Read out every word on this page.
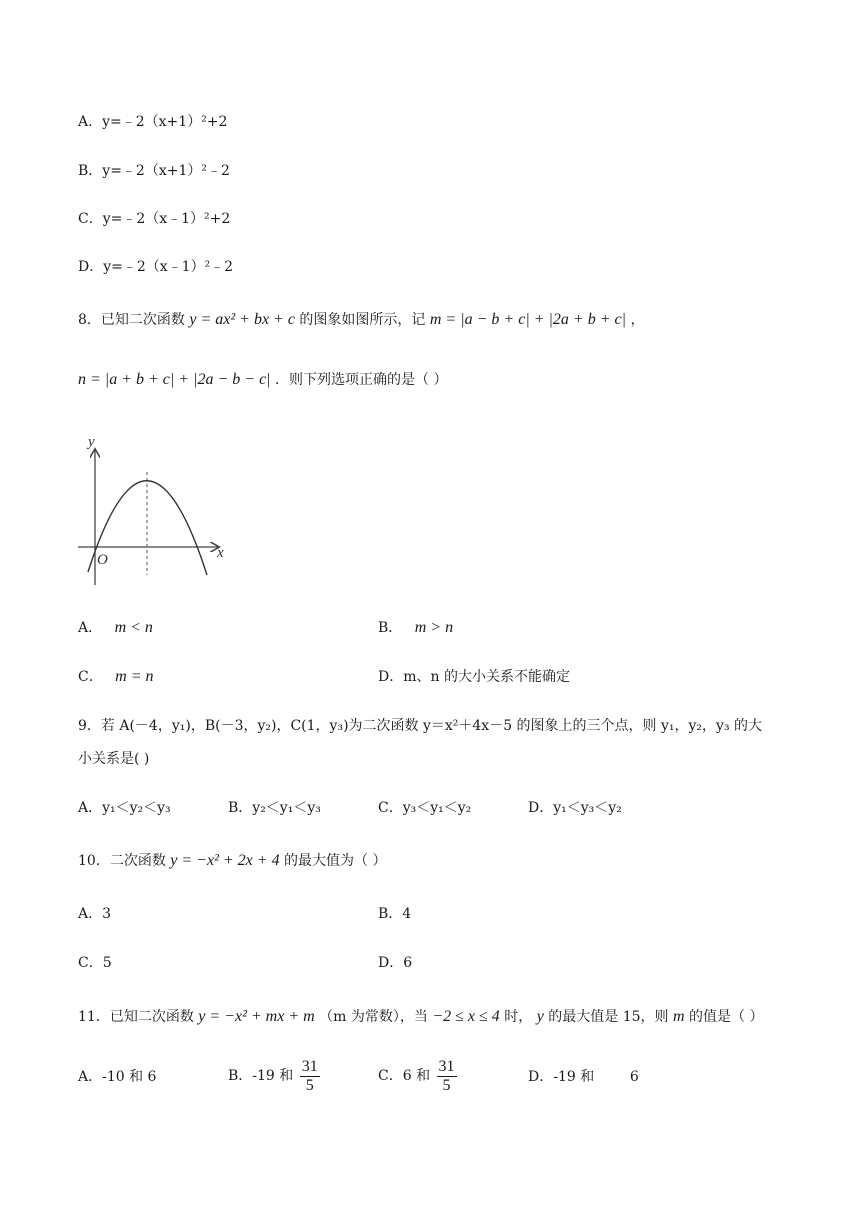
A．y=﹣2（x+1）²+2
B．y=﹣2（x+1）²﹣2
C．y=﹣2（x﹣1）²+2
D．y=﹣2（x﹣1）²﹣2
8．已知二次函数 y = ax² + bx + c 的图象如图所示，记 m = |a − b + c| + |2a + b + c| ，
n = |a + b + c| + |2a − b − c| ．则下列选项正确的是（ ）
y
x
O
A． m < n	B． m > n
C． m = n	D．m、n 的大小关系不能确定
9．若 A(－4，y₁)，B(－3，y₂)，C(1，y₃)为二次函数 y＝x²＋4x－5 的图象上的三个点，则 y₁，y₂，y₃ 的大
小关系是( )
A．y₁＜y₂＜y₃	B．y₂＜y₁＜y₃	C．y₃＜y₁＜y₂	D．y₁＜y₃＜y₂
10．二次函数 y = −x² + 2x + 4 的最大值为（ ）
A．3	B．4
C．5	D．6
11．已知二次函数 y = −x² + mx + m （m 为常数），当 −2 ≤ x ≤ 4 时， y 的最大值是 15，则 m 的值是（ ）
A．-10 和 6	B．-19 和 $\frac{31}{5}$	C．6 和 $\frac{31}{5}$	D．-19 和        6
